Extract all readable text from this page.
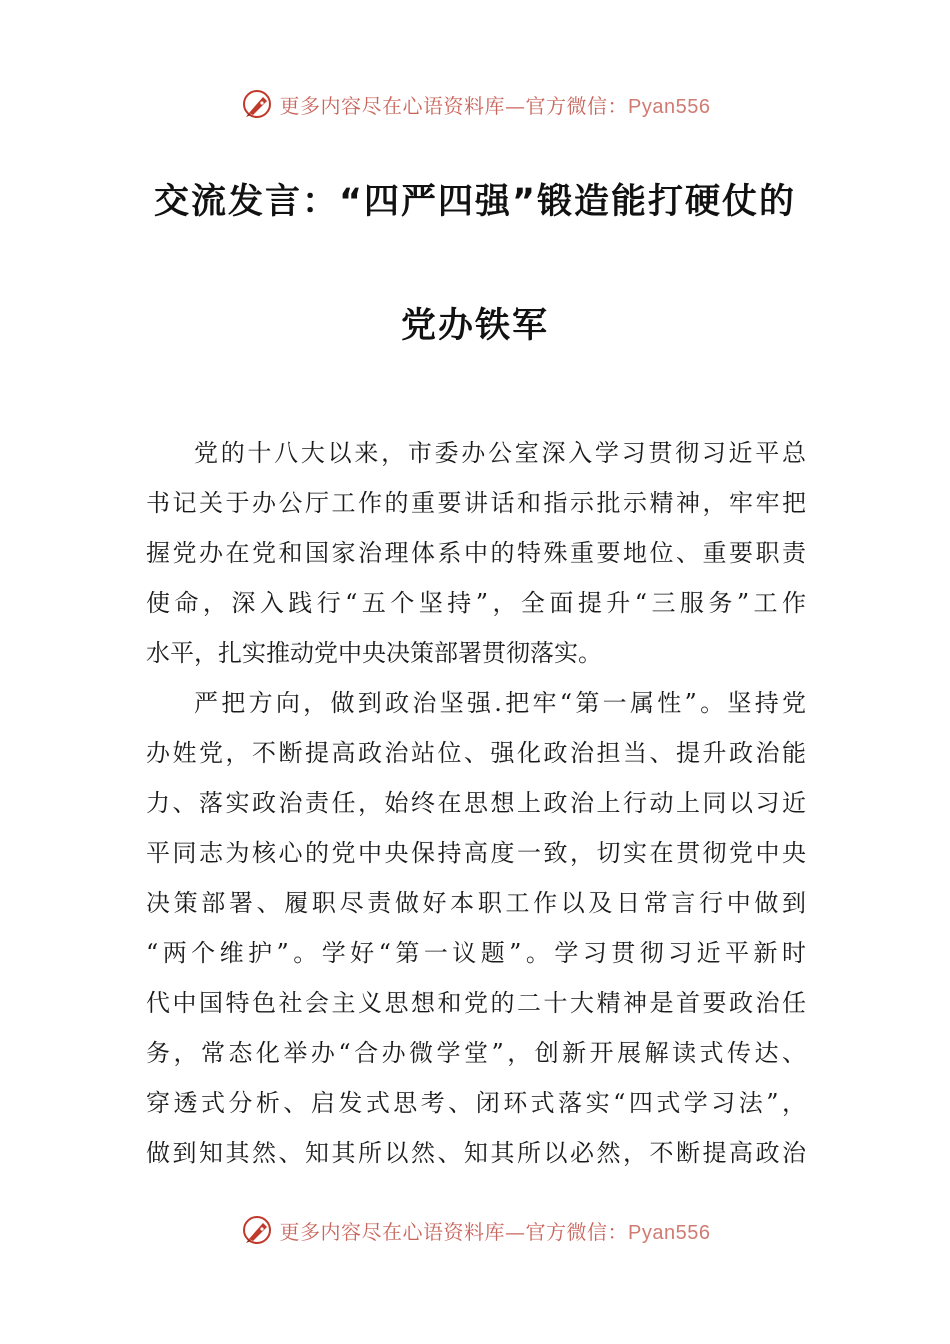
更多内容尽在心语资料库—官方微信：Pyan556
交流发言：“四严四强”锻造能打硬仗的
党办铁军
党的十八大以来，市委办公室深入学习贯彻习近平总
书记关于办公厅工作的重要讲话和指示批示精神，牢牢把
握党办在党和国家治理体系中的特殊重要地位、重要职责
使命，深入践行“五个坚持”，全面提升“三服务”工作
水平，扎实推动党中央决策部署贯彻落实。
严把方向，做到政治坚强.把牢“第一属性”。坚持党
办姓党，不断提高政治站位、强化政治担当、提升政治能
力、落实政治责任，始终在思想上政治上行动上同以习近
平同志为核心的党中央保持高度一致，切实在贯彻党中央
决策部署、履职尽责做好本职工作以及日常言行中做到
“两个维护”。学好“第一议题”。学习贯彻习近平新时
代中国特色社会主义思想和党的二十大精神是首要政治任
务，常态化举办“合办微学堂”，创新开展解读式传达、
穿透式分析、启发式思考、闭环式落实“四式学习法”，
做到知其然、知其所以然、知其所以必然，不断提高政治
更多内容尽在心语资料库—官方微信：Pyan556
